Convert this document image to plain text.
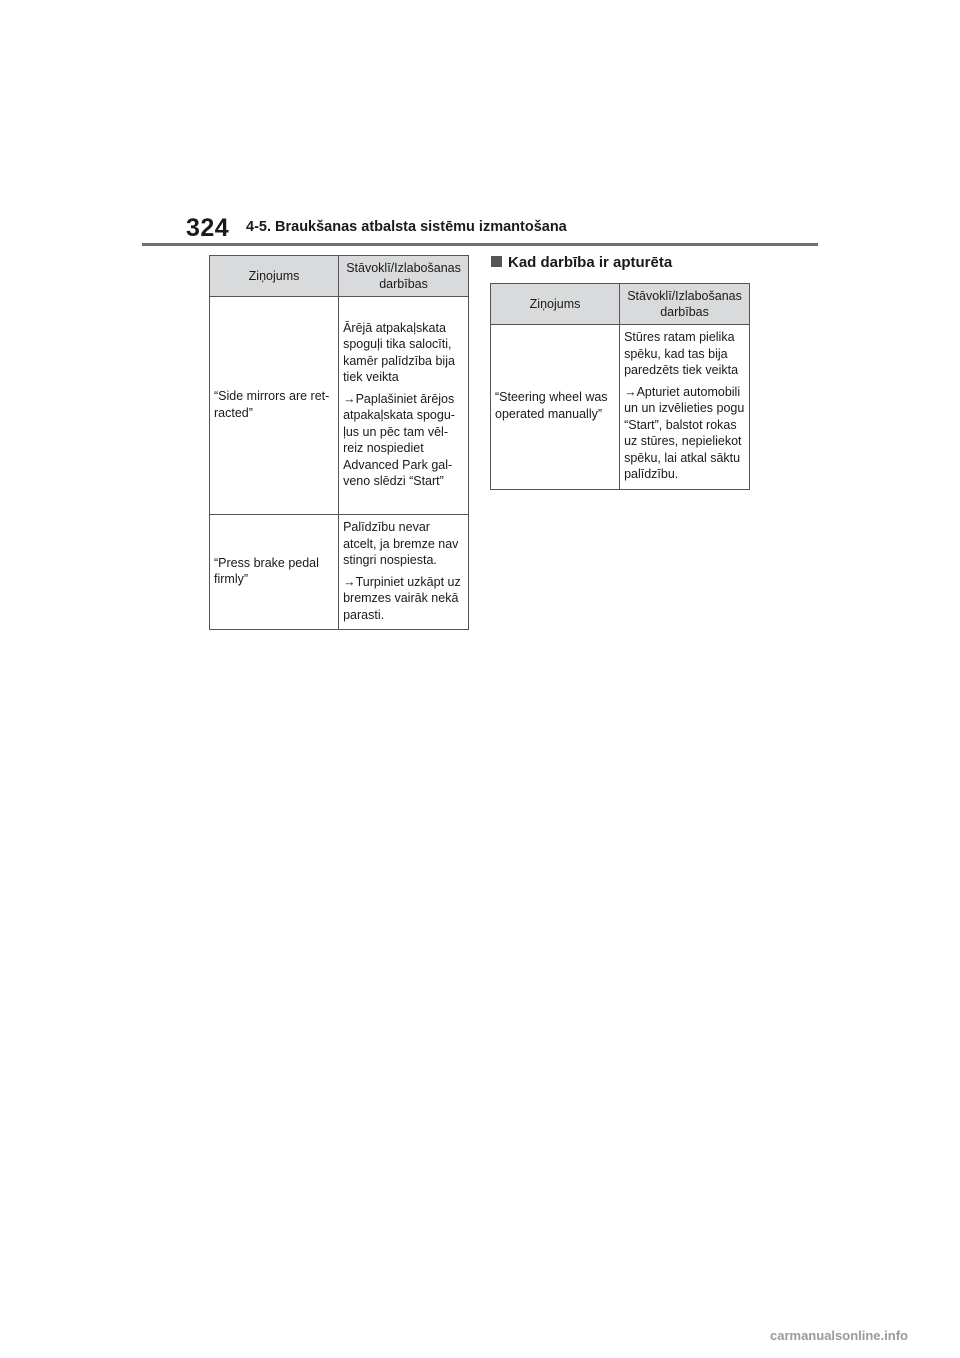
324 4-5. Braukšanas atbalsta sistēmu izmantošana
Ziņojums	Stāvoklī/Izlabošanas darbības
“Side mirrors are ret-racted”	Ārējā atpakaļskata spoguļi tika salocīti, kamēr palīdzība bija tiek veikta

→Paplašiniet ārējos atpakaļskata spogu-ļus un pēc tam vēl-reiz nospiediet Advanced Park gal-veno slēdzi “Start”

“Press brake pedal firmly”	Palīdzību nevar atcelt, ja bremze nav stingri nospiesta.

→Turpiniet uzkāpt uz bremzes vairāk nekā parasti.

Kad darbība ir apturēta
Ziņojums	Stāvoklī/Izlabošanas darbības
“Steering wheel was operated manually”	Stūres ratam pielika spēku, kad tas bija paredzēts tiek veikta

→Apturiet automobili un un izvēlieties pogu “Start”, balstot rokas uz stūres, nepieliekot spēku, lai atkal sāktu palīdzību.

carmanualsonline.info
